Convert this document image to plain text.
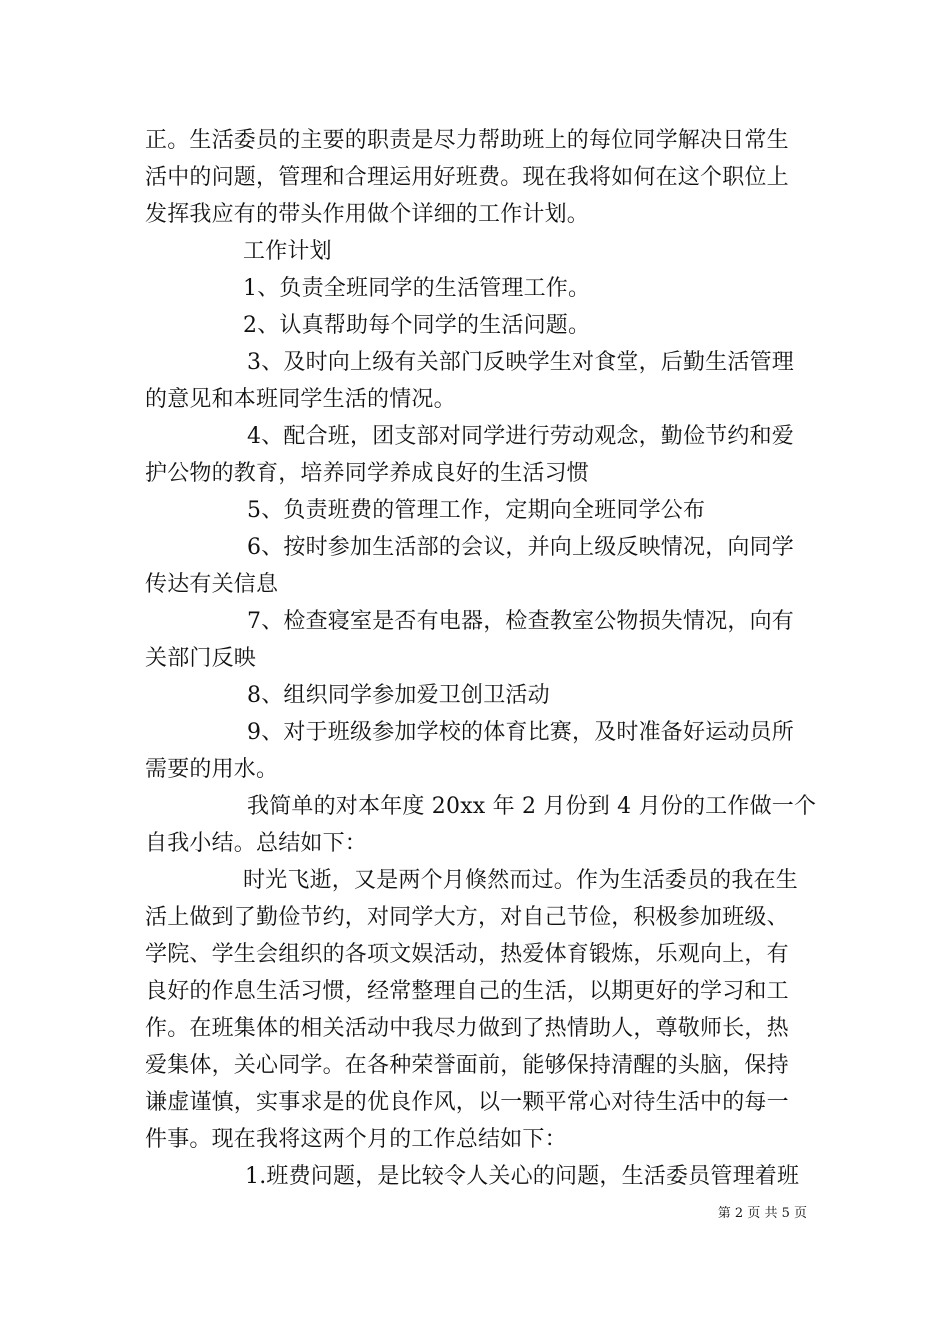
正。生活委员的主要的职责是尽力帮助班上的每位同学解决日常生
活中的问题，管理和合理运用好班费。现在我将如何在这个职位上
发挥我应有的带头作用做个详细的工作计划。
工作计划
1、负责全班同学的生活管理工作。
2、认真帮助每个同学的生活问题。
3、及时向上级有关部门反映学生对食堂，后勤生活管理
的意见和本班同学生活的情况。
4、配合班，团支部对同学进行劳动观念，勤俭节约和爱
护公物的教育，培养同学养成良好的生活习惯
5、负责班费的管理工作，定期向全班同学公布
6、按时参加生活部的会议，并向上级反映情况，向同学
传达有关信息
7、检查寝室是否有电器，检查教室公物损失情况，向有
关部门反映
8、组织同学参加爱卫创卫活动
9、对于班级参加学校的体育比赛，及时准备好运动员所
需要的用水。
我简单的对本年度 20xx 年 2 月份到 4 月份的工作做一个
自我小结。总结如下：
时光飞逝，又是两个月倏然而过。作为生活委员的我在生
活上做到了勤俭节约，对同学大方，对自己节俭，积极参加班级、
学院、学生会组织的各项文娱活动，热爱体育锻炼，乐观向上，有
良好的作息生活习惯，经常整理自己的生活，以期更好的学习和工
作。在班集体的相关活动中我尽力做到了热情助人，尊敬师长，热
爱集体，关心同学。在各种荣誉面前，能够保持清醒的头脑，保持
谦虚谨慎，实事求是的优良作风，以一颗平常心对待生活中的每一
件事。现在我将这两个月的工作总结如下：
1.班费问题，是比较令人关心的问题，生活委员管理着班
第 2 页 共 5 页
